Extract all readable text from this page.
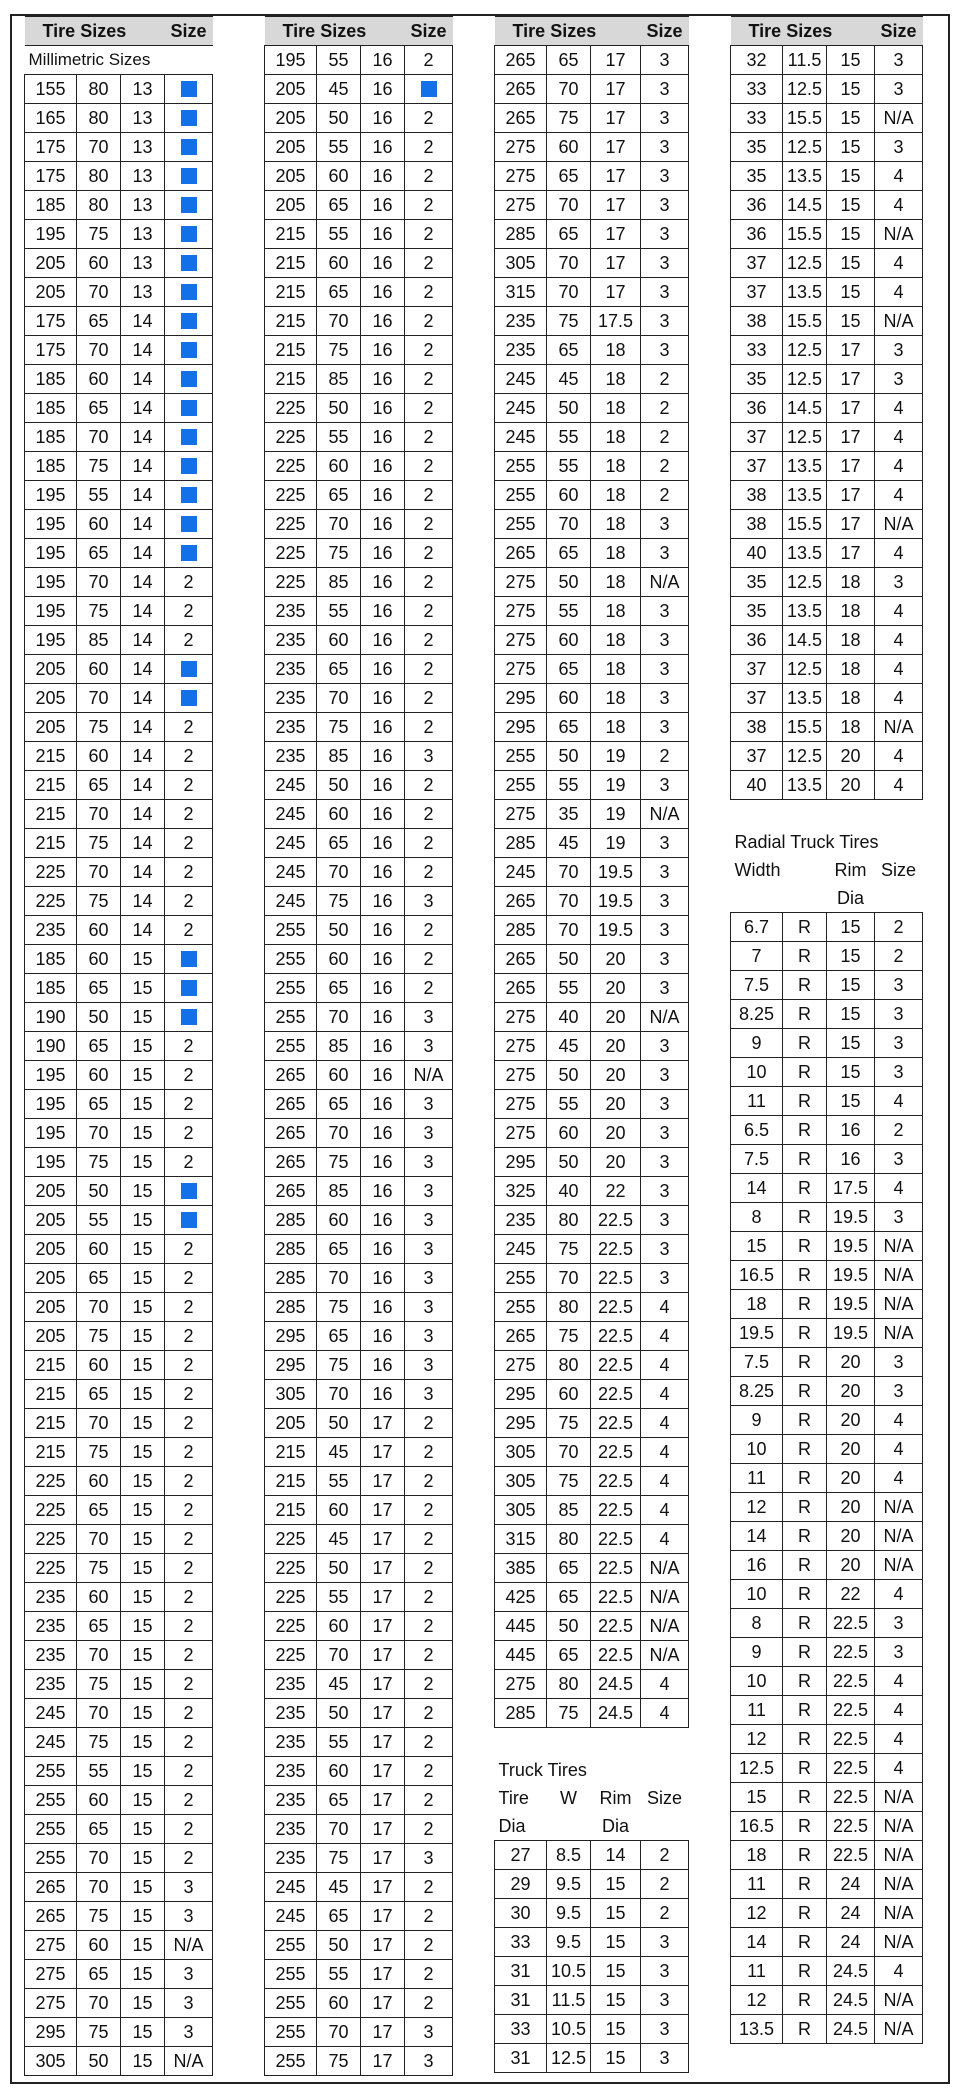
Tire Sizes			Size
Millimetric Sizes			
155	80	13	
165	80	13	
175	70	13	
175	80	13	
185	80	13	
195	75	13	
205	60	13	
205	70	13	
175	65	14	
175	70	14	
185	60	14	
185	65	14	
185	70	14	
185	75	14	
195	55	14	
195	60	14	
195	65	14	
195	70	14	2
195	75	14	2
195	85	14	2
205	60	14	
205	70	14	
205	75	14	2
215	60	14	2
215	65	14	2
215	70	14	2
215	75	14	2
225	70	14	2
225	75	14	2
235	60	14	2
185	60	15	
185	65	15	
190	50	15	
190	65	15	2
195	60	15	2
195	65	15	2
195	70	15	2
195	75	15	2
205	50	15	
205	55	15	
205	60	15	2
205	65	15	2
205	70	15	2
205	75	15	2
215	60	15	2
215	65	15	2
215	70	15	2
215	75	15	2
225	60	15	2
225	65	15	2
225	70	15	2
225	75	15	2
235	60	15	2
235	65	15	2
235	70	15	2
235	75	15	2
245	70	15	2
245	75	15	2
255	55	15	2
255	60	15	2
255	65	15	2
255	70	15	2
265	70	15	3
265	75	15	3
275	60	15	N/A
275	65	15	3
275	70	15	3
295	75	15	3
305	50	15	N/A
Tire Sizes			Size
195	55	16	2
205	45	16	
205	50	16	2
205	55	16	2
205	60	16	2
205	65	16	2
215	55	16	2
215	60	16	2
215	65	16	2
215	70	16	2
215	75	16	2
215	85	16	2
225	50	16	2
225	55	16	2
225	60	16	2
225	65	16	2
225	70	16	2
225	75	16	2
225	85	16	2
235	55	16	2
235	60	16	2
235	65	16	2
235	70	16	2
235	75	16	2
235	85	16	3
245	50	16	2
245	60	16	2
245	65	16	2
245	70	16	2
245	75	16	3
255	50	16	2
255	60	16	2
255	65	16	2
255	70	16	3
255	85	16	3
265	60	16	N/A
265	65	16	3
265	70	16	3
265	75	16	3
265	85	16	3
285	60	16	3
285	65	16	3
285	70	16	3
285	75	16	3
295	65	16	3
295	75	16	3
305	70	16	3
205	50	17	2
215	45	17	2
215	55	17	2
215	60	17	2
225	45	17	2
225	50	17	2
225	55	17	2
225	60	17	2
225	70	17	2
235	45	17	2
235	50	17	2
235	55	17	2
235	60	17	2
235	65	17	2
235	70	17	2
235	75	17	3
245	45	17	2
245	65	17	2
255	50	17	2
255	55	17	2
255	60	17	2
255	70	17	3
255	75	17	3
Tire Sizes			Size
265	65	17	3
265	70	17	3
265	75	17	3
275	60	17	3
275	65	17	3
275	70	17	3
285	65	17	3
305	70	17	3
315	70	17	3
235	75	17.5	3
235	65	18	3
245	45	18	2
245	50	18	2
245	55	18	2
255	55	18	2
255	60	18	2
255	70	18	3
265	65	18	3
275	50	18	N/A
275	55	18	3
275	60	18	3
275	65	18	3
295	60	18	3
295	65	18	3
255	50	19	2
255	55	19	3
275	35	19	N/A
285	45	19	3
245	70	19.5	3
265	70	19.5	3
285	70	19.5	3
265	50	20	3
265	55	20	3
275	40	20	N/A
275	45	20	3
275	50	20	3
275	55	20	3
275	60	20	3
295	50	20	3
325	40	22	3
235	80	22.5	3
245	75	22.5	3
255	70	22.5	3
255	80	22.5	4
265	75	22.5	4
275	80	22.5	4
295	60	22.5	4
295	75	22.5	4
305	70	22.5	4
305	75	22.5	4
305	85	22.5	4
315	80	22.5	4
385	65	22.5	N/A
425	65	22.5	N/A
445	50	22.5	N/A
445	65	22.5	N/A
275	80	24.5	4
285	75	24.5	4

Truck Tires			
Tire	W	Rim	Size
Dia		Dia	
27	8.5	14	2
29	9.5	15	2
30	9.5	15	2
33	9.5	15	3
31	10.5	15	3
31	11.5	15	3
33	10.5	15	3
31	12.5	15	3
Tire Sizes			Size
32	11.5	15	3
33	12.5	15	3
33	15.5	15	N/A
35	12.5	15	3
35	13.5	15	4
36	14.5	15	4
36	15.5	15	N/A
37	12.5	15	4
37	13.5	15	4
38	15.5	15	N/A
33	12.5	17	3
35	12.5	17	3
36	14.5	17	4
37	12.5	17	4
37	13.5	17	4
38	13.5	17	4
38	15.5	17	N/A
40	13.5	17	4
35	12.5	18	3
35	13.5	18	4
36	14.5	18	4
37	12.5	18	4
37	13.5	18	4
38	15.5	18	N/A
37	12.5	20	4
40	13.5	20	4

Radial Truck Tires			
Width		Rim	Size
		Dia	
6.7	R	15	2
7	R	15	2
7.5	R	15	3
8.25	R	15	3
9	R	15	3
10	R	15	3
11	R	15	4
6.5	R	16	2
7.5	R	16	3
14	R	17.5	4
8	R	19.5	3
15	R	19.5	N/A
16.5	R	19.5	N/A
18	R	19.5	N/A
19.5	R	19.5	N/A
7.5	R	20	3
8.25	R	20	3
9	R	20	4
10	R	20	4
11	R	20	4
12	R	20	N/A
14	R	20	N/A
16	R	20	N/A
10	R	22	4
8	R	22.5	3
9	R	22.5	3
10	R	22.5	4
11	R	22.5	4
12	R	22.5	4
12.5	R	22.5	4
15	R	22.5	N/A
16.5	R	22.5	N/A
18	R	22.5	N/A
11	R	24	N/A
12	R	24	N/A
14	R	24	N/A
11	R	24.5	4
12	R	24.5	N/A
13.5	R	24.5	N/A
